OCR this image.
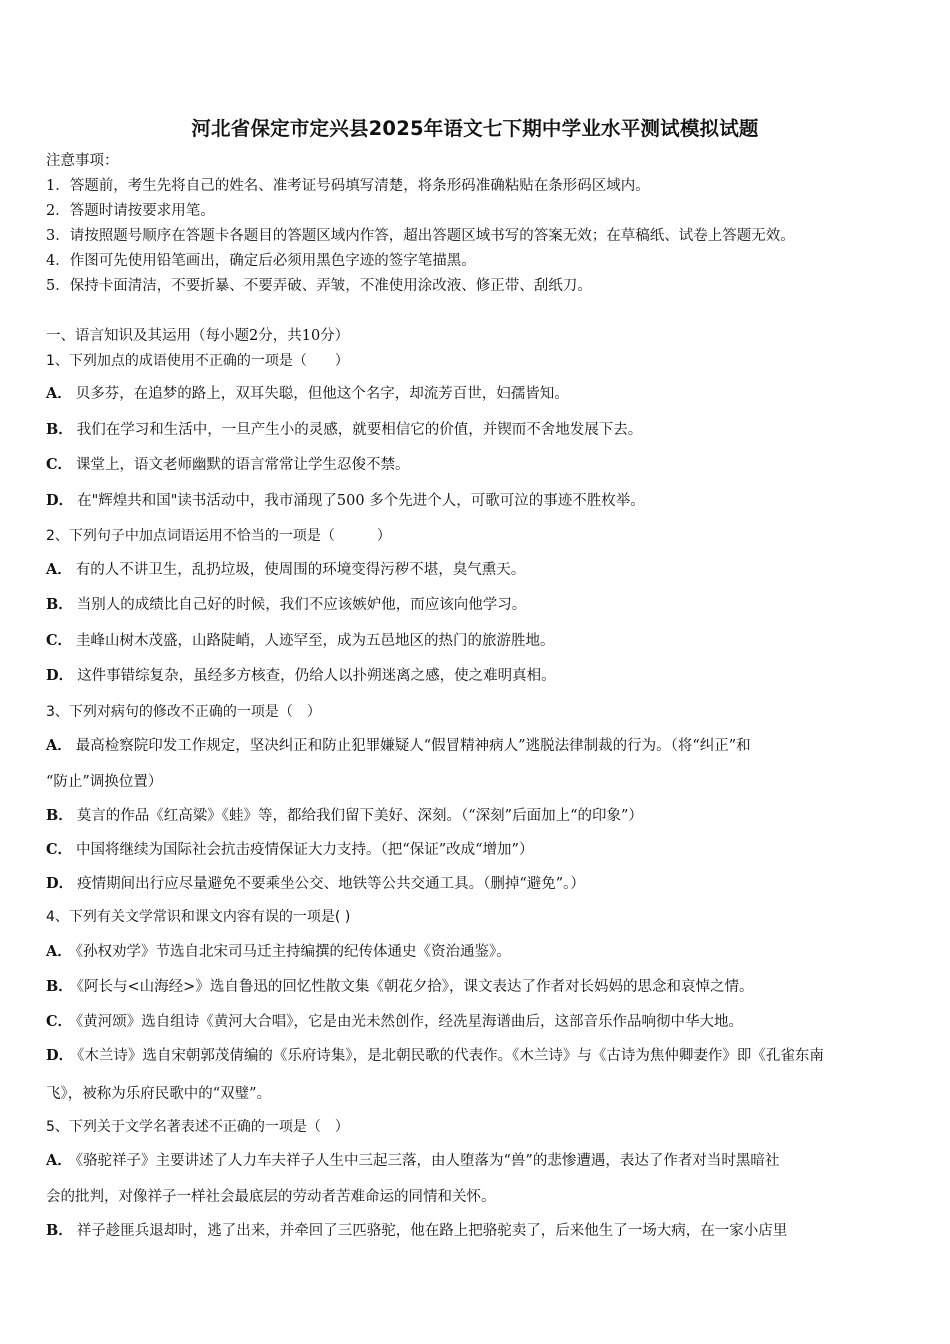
河北省保定市定兴县2025年语文七下期中学业水平测试模拟试题
注意事项：
1．答题前，考生先将自己的姓名、准考证号码填写清楚，将条形码准确粘贴在条形码区域内。
2．答题时请按要求用笔。
3．请按照题号顺序在答题卡各题目的答题区域内作答，超出答题区域书写的答案无效；在草稿纸、试卷上答题无效。
4．作图可先使用铅笔画出，确定后必须用黑色字迹的签字笔描黑。
5．保持卡面清洁，不要折暴、不要弄破、弄皱，不准使用涂改液、修正带、刮纸刀。
一、语言知识及其运用（每小题2分，共10分）
1、下列加点的成语使用不正确的一项是（　　）
A． 贝多芬，在追梦的路上，双耳失聪，但他这个名字，却流芳百世，妇孺皆知。
B． 我们在学习和生活中，一旦产生小的灵感，就要相信它的价值，并锲而不舍地发展下去。
C． 课堂上，语文老师幽默的语言常常让学生忍俊不禁。
D． 在"辉煌共和国"读书活动中，我市涌现了500 多个先进个人，可歌可泣的事迹不胜枚举。
2、下列句子中加点词语运用不恰当的一项是（　　　）
A． 有的人不讲卫生，乱扔垃圾，使周围的环境变得污秽不堪，臭气熏天。
B． 当别人的成绩比自己好的时候，我们不应该嫉妒他，而应该向他学习。
C． 圭峰山树木茂盛，山路陡峭，人迹罕至，成为五邑地区的热门的旅游胜地。
D． 这件事错综复杂，虽经多方核查，仍给人以扑朔迷离之感，使之难明真相。
3、下列对病句的修改不正确的一项是（　）
A． 最高检察院印发工作规定，坚决纠正和防止犯罪嫌疑人“假冒精神病人”逃脱法律制裁的行为。（将“纠正”和
“防止”调换位置）
B． 莫言的作品《红高粱》《蛙》等，都给我们留下美好、深刻。（“深刻”后面加上“的印象”）
C． 中国将继续为国际社会抗击疫情保证大力支持。（把“保证”改成“增加”）
D． 疫情期间出行应尽量避免不要乘坐公交、地铁等公共交通工具。（删掉“避免”。）
4、下列有关文学常识和课文内容有误的一项是( )
A． 《孙权劝学》节选自北宋司马迁主持编撰的纪传体通史《资治通鉴》。
B． 《阿长与<山海经>》选自鲁迅的回忆性散文集《朝花夕拾》，课文表达了作者对长妈妈的思念和哀悼之情。
C． 《黄河颂》选自组诗《黄河大合唱》，它是由光未然创作，经冼星海谱曲后，这部音乐作品响彻中华大地。
D． 《木兰诗》选自宋朝郭茂倩编的《乐府诗集》，是北朝民歌的代表作。《木兰诗》与《古诗为焦仲卿妻作》即《孔雀东南
飞》，被称为乐府民歌中的“双璧”。
5、下列关于文学名著表述不正确的一项是（　）
A． 《骆驼祥子》主要讲述了人力车夫祥子人生中三起三落，由人堕落为“兽”的悲惨遭遇，表达了作者对当时黑暗社
会的批判，对像祥子一样社会最底层的劳动者苦难命运的同情和关怀。
B． 祥子趁匪兵退却时，逃了出来，并牵回了三匹骆驼，他在路上把骆驼卖了，后来他生了一场大病，在一家小店里
